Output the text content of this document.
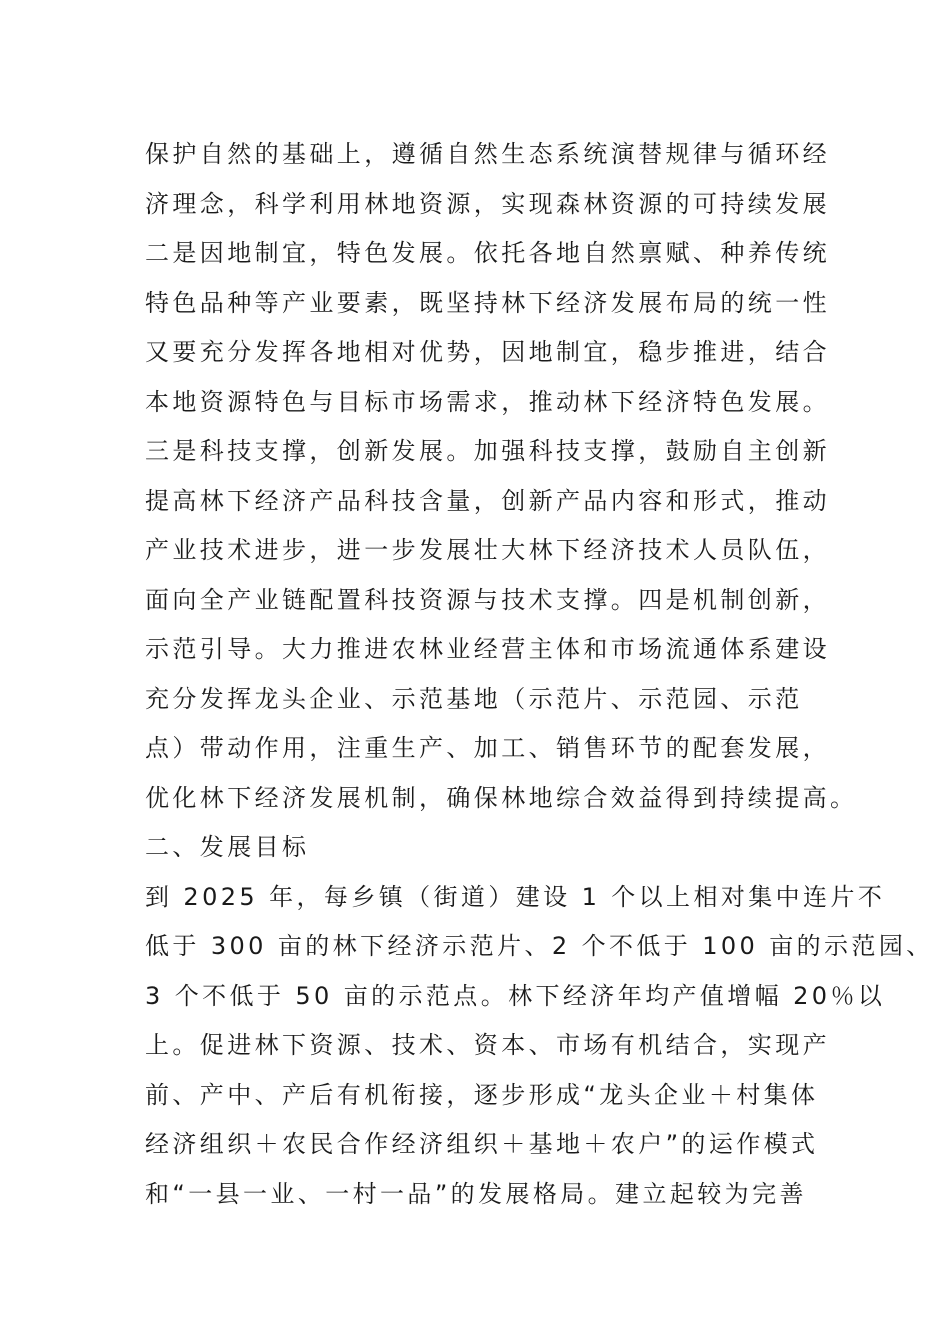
保护自然的基础上，遵循自然生态系统演替规律与循环经
济理念，科学利用林地资源，实现森林资源的可持续发展
二是因地制宜，特色发展。依托各地自然禀赋、种养传统
特色品种等产业要素，既坚持林下经济发展布局的统一性
又要充分发挥各地相对优势，因地制宜，稳步推进，结合
本地资源特色与目标市场需求，推动林下经济特色发展。
三是科技支撑，创新发展。加强科技支撑，鼓励自主创新
提高林下经济产品科技含量，创新产品内容和形式，推动
产业技术进步，进一步发展壮大林下经济技术人员队伍，
面向全产业链配置科技资源与技术支撑。四是机制创新，
示范引导。大力推进农林业经营主体和市场流通体系建设
充分发挥龙头企业、示范基地（示范片、示范园、示范
点）带动作用，注重生产、加工、销售环节的配套发展，
优化林下经济发展机制，确保林地综合效益得到持续提高。
二、发展目标
到 2025 年，每乡镇（街道）建设 1 个以上相对集中连片不
低于 300 亩的林下经济示范片、2 个不低于 100 亩的示范园、
3 个不低于 50 亩的示范点。林下经济年均产值增幅 20％以
上。促进林下资源、技术、资本、市场有机结合，实现产
前、产中、产后有机衔接，逐步形成“龙头企业＋村集体
经济组织＋农民合作经济组织＋基地＋农户”的运作模式
和“一县一业、一村一品”的发展格局。建立起较为完善
